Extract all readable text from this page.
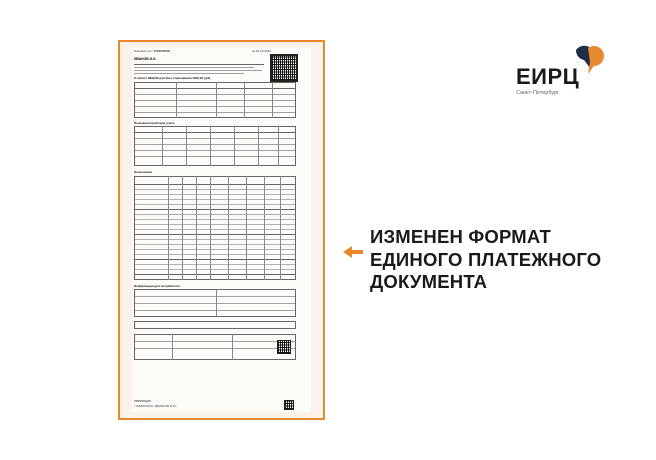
Лицевой счет 7000000000	за 01.20.2020
ИВАНОВ И.И.
К оплате 9999,99 руб (без страхования 1000,00 руб)
Показания приборов учета
Начисления
Информация для потребителя
Квитанция
7000000000, ИВАНОВ И.И.
ЕИРЦ
Санкт-Петербург
ИЗМЕНЕН ФОРМАТ
ЕДИНОГО ПЛАТЕЖНОГО
ДОКУМЕНТА
